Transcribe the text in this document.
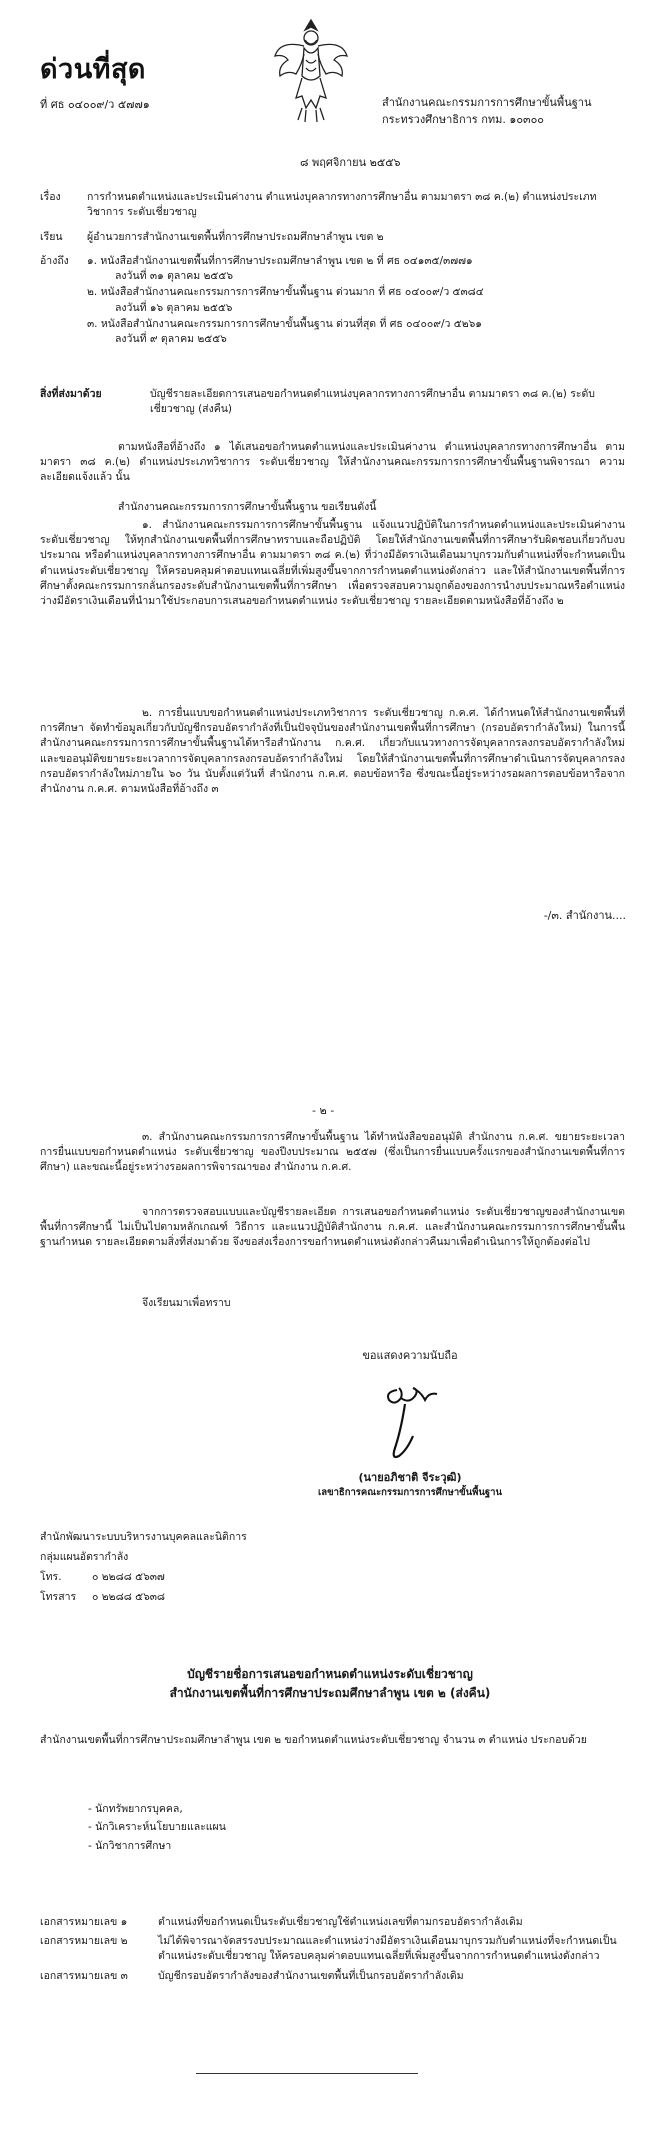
ด่วนที่สุด
ที่ ศธ ๐๔๐๐๙/ว ๕๗๗๑	สำนักงานคณะกรรมการการศึกษาขั้นพื้นฐาน
กระทรวงศึกษาธิการ กทม. ๑๐๓๐๐
๘ พฤศจิกายน ๒๕๕๖
เรื่อง	การกำหนดตำแหน่งและประเมินค่างาน ตำแหน่งบุคลากรทางการศึกษาอื่น ตามมาตรา ๓๘ ค.(๒) ตำแหน่งประเภทวิชาการ ระดับเชี่ยวชาญ
เรียน	ผู้อำนวยการสำนักงานเขตพื้นที่การศึกษาประถมศึกษาลำพูน เขต ๒
อ้างถึง	๑. หนังสือสำนักงานเขตพื้นที่การศึกษาประถมศึกษาลำพูน เขต ๒ ที่ ศธ ๐๔๑๓๕/๓๗๗๑
ลงวันที่ ๓๑ ตุลาคม ๒๕๕๖
๒. หนังสือสำนักงานคณะกรรมการการศึกษาขั้นพื้นฐาน ด่วนมาก ที่ ศธ ๐๔๐๐๙/ว ๕๓๘๔
ลงวันที่ ๑๖ ตุลาคม ๒๕๕๖
๓. หนังสือสำนักงานคณะกรรมการการศึกษาขั้นพื้นฐาน ด่วนที่สุด ที่ ศธ ๐๔๐๐๙/ว ๕๒๖๑
ลงวันที่ ๙ ตุลาคม ๒๕๕๖
สิ่งที่ส่งมาด้วย	บัญชีรายละเอียดการเสนอขอกำหนดตำแหน่งบุคลากรทางการศึกษาอื่น ตามมาตรา ๓๘ ค.(๒) ระดับเชี่ยวชาญ (ส่งคืน)
ตามหนังสือที่อ้างถึง ๑ ได้เสนอขอกำหนดตำแหน่งและประเมินค่างาน ตำแหน่งบุคลากรทางการศึกษาอื่น ตามมาตรา ๓๘ ค.(๒) ตำแหน่งประเภทวิชาการ ระดับเชี่ยวชาญ ให้สำนักงานคณะกรรมการการศึกษาขั้นพื้นฐานพิจารณา ความละเอียดแจ้งแล้ว นั้น
สำนักงานคณะกรรมการการศึกษาขั้นพื้นฐาน ขอเรียนดังนี้
๑. สำนักงานคณะกรรมการการศึกษาขั้นพื้นฐาน แจ้งแนวปฏิบัติในการกำหนดตำแหน่งและประเมินค่างาน ระดับเชี่ยวชาญ ให้ทุกสำนักงานเขตพื้นที่การศึกษาทราบและถือปฏิบัติ โดยให้สำนักงานเขตพื้นที่การศึกษารับผิดชอบเกี่ยวกับงบประมาณ หรือตำแหน่งบุคลากรทางการศึกษาอื่น ตามมาตรา ๓๘ ค.(๒) ที่ว่างมีอัตราเงินเดือนมาบุกรวมกับตำแหน่งที่จะกำหนดเป็นตำแหน่งระดับเชี่ยวชาญ ให้ครอบคลุมค่าตอบแทนเฉลี่ยที่เพิ่มสูงขึ้นจากการกำหนดตำแหน่งดังกล่าว และให้สำนักงานเขตพื้นที่การศึกษาตั้งคณะกรรมการกลั่นกรองระดับสำนักงานเขตพื้นที่การศึกษา เพื่อตรวจสอบความถูกต้องของการนำงบประมาณหรือตำแหน่งว่างมีอัตราเงินเดือนที่นำมาใช้ประกอบการเสนอขอกำหนดตำแหน่ง ระดับเชี่ยวชาญ รายละเอียดตามหนังสือที่อ้างถึง ๒
๒. การยื่นแบบขอกำหนดตำแหน่งประเภทวิชาการ ระดับเชี่ยวชาญ ก.ค.ศ. ได้กำหนดให้สำนักงานเขตพื้นที่การศึกษา จัดทำข้อมูลเกี่ยวกับบัญชีกรอบอัตรากำลังที่เป็นปัจจุบันของสำนักงานเขตพื้นที่การศึกษา (กรอบอัตรากำลังใหม่) ในการนี้ สำนักงานคณะกรรมการการศึกษาขั้นพื้นฐานได้หารือสำนักงาน ก.ค.ศ. เกี่ยวกับแนวทางการจัดบุคลากรลงกรอบอัตรากำลังใหม่ และขออนุมัติขยายระยะเวลาการจัดบุคลากรลงกรอบอัตรากำลังใหม่ โดยให้สำนักงานเขตพื้นที่การศึกษาดำเนินการจัดบุคลากรลงกรอบอัตรากำลังใหม่ภายใน ๖๐ วัน นับตั้งแต่วันที่ สำนักงาน ก.ค.ศ. ตอบข้อหารือ ซึ่งขณะนี้อยู่ระหว่างรอผลการตอบข้อหารือจากสำนักงาน ก.ค.ศ. ตามหนังสือที่อ้างถึง ๓
-/๓. สำนักงาน....
- ๒ -
๓. สำนักงานคณะกรรมการการศึกษาขั้นพื้นฐาน ได้ทำหนังสือขออนุมัติ สำนักงาน ก.ค.ศ. ขยายระยะเวลาการยื่นแบบขอกำหนดตำแหน่ง ระดับเชี่ยวชาญ ของปีงบประมาณ ๒๕๕๗ (ซึ่งเป็นการยื่นแบบครั้งแรกของสำนักงานเขตพื้นที่การศึกษา) และขณะนี้อยู่ระหว่างรอผลการพิจารณาของ สำนักงาน ก.ค.ศ.
จากการตรวจสอบแบบและบัญชีรายละเอียด การเสนอขอกำหนดตำแหน่ง ระดับเชี่ยวชาญของสำนักงานเขตพื้นที่การศึกษานี้ ไม่เป็นไปตามหลักเกณฑ์ วิธีการ และแนวปฏิบัติสำนักงาน ก.ค.ศ. และสำนักงานคณะกรรมการการศึกษาขั้นพื้นฐานกำหนด รายละเอียดตามสิ่งที่ส่งมาด้วย จึงขอส่งเรื่องการขอกำหนดตำแหน่งดังกล่าวคืนมาเพื่อดำเนินการให้ถูกต้องต่อไป
จึงเรียนมาเพื่อทราบ
ขอแสดงความนับถือ
(นายอภิชาติ จีระวุฒิ)
เลขาธิการคณะกรรมการการศึกษาขั้นพื้นฐาน
สำนักพัฒนาระบบบริหารงานบุคคลและนิติการ
กลุ่มแผนอัตรากำลัง
โทร.	๐ ๒๒๘๘ ๕๖๓๗
โทรสาร	๐ ๒๒๘๘ ๕๖๓๘
บัญชีรายชื่อการเสนอขอกำหนดตำแหน่งระดับเชี่ยวชาญ
สำนักงานเขตพื้นที่การศึกษาประถมศึกษาลำพูน เขต ๒ (ส่งคืน)
สำนักงานเขตพื้นที่การศึกษาประถมศึกษาลำพูน เขต ๒ ขอกำหนดตำแหน่งระดับเชี่ยวชาญ จำนวน ๓ ตำแหน่ง ประกอบด้วย
- นักทรัพยากรบุคคล,
- นักวิเคราะห์นโยบายและแผน
- นักวิชาการศึกษา
เอกสารหมายเลข ๑	ตำแหน่งที่ขอกำหนดเป็นระดับเชี่ยวชาญใช้ตำแหน่งเลขที่ตามกรอบอัตรากำลังเดิม
เอกสารหมายเลข ๒	ไม่ได้พิจารณาจัดสรรงบประมาณและตำแหน่งว่างมีอัตราเงินเดือนมาบุกรวมกับตำแหน่งที่จะกำหนดเป็นตำแหน่งระดับเชี่ยวชาญ ให้ครอบคลุมค่าตอบแทนเฉลี่ยที่เพิ่มสูงขึ้นจากการกำหนดตำแหน่งดังกล่าว
เอกสารหมายเลข ๓	บัญชีกรอบอัตรากำลังของสำนักงานเขตพื้นที่เป็นกรอบอัตรากำลังเดิม
